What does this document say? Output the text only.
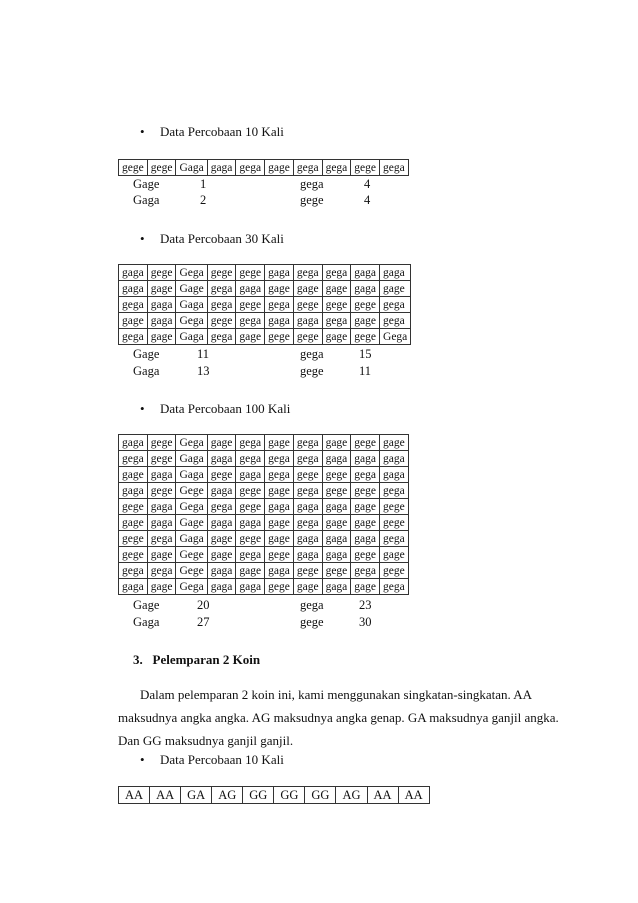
• Data Percobaan 10 Kali
gege	gege	Gaga	gaga	gega	gage	gega	gega	gege	gega
Gage	1	gega	4
Gaga	2	gege	4
• Data Percobaan 30 Kali
gaga	gege	Gega	gege	gege	gaga	gega	gega	gaga	gaga
gaga	gage	Gage	gega	gaga	gage	gage	gage	gaga	gage
gega	gaga	Gaga	gega	gege	gega	gege	gege	gege	gega
gage	gaga	Gega	gege	gega	gaga	gaga	gega	gage	gega
gega	gage	Gaga	gega	gage	gege	gege	gage	gege	Gega
Gage	11	gega	15
Gaga	13	gege	11
• Data Percobaan 100 Kali
gaga	gege	Gega	gage	gega	gage	gega	gage	gege	gage
gega	gege	Gaga	gaga	gega	gega	gega	gaga	gaga	gaga
gage	gaga	Gaga	gege	gaga	gega	gege	gege	gega	gaga
gaga	gege	Gege	gaga	gege	gage	gega	gege	gege	gega
gege	gaga	Gega	gega	gege	gaga	gaga	gaga	gage	gege
gage	gaga	Gage	gaga	gaga	gage	gega	gage	gage	gege
gege	gega	Gaga	gage	gege	gage	gaga	gaga	gaga	gega
gege	gage	Gege	gage	gega	gege	gaga	gaga	gege	gage
gega	gega	Gege	gaga	gage	gaga	gege	gege	gega	gege
gaga	gage	Gega	gaga	gaga	gege	gage	gaga	gage	gega
Gage	20	gega	23
Gaga	27	gege	30
3.   Pelemparan 2 Koin
Dalam pelemparan 2 koin ini, kami menggunakan singkatan-singkatan. AA
maksudnya angka angka. AG maksudnya angka genap. GA maksudnya ganjil angka.
Dan GG maksudnya ganjil ganjil.
• Data Percobaan 10 Kali
AA	AA	GA	AG	GG	GG	GG	AG	AA	AA
